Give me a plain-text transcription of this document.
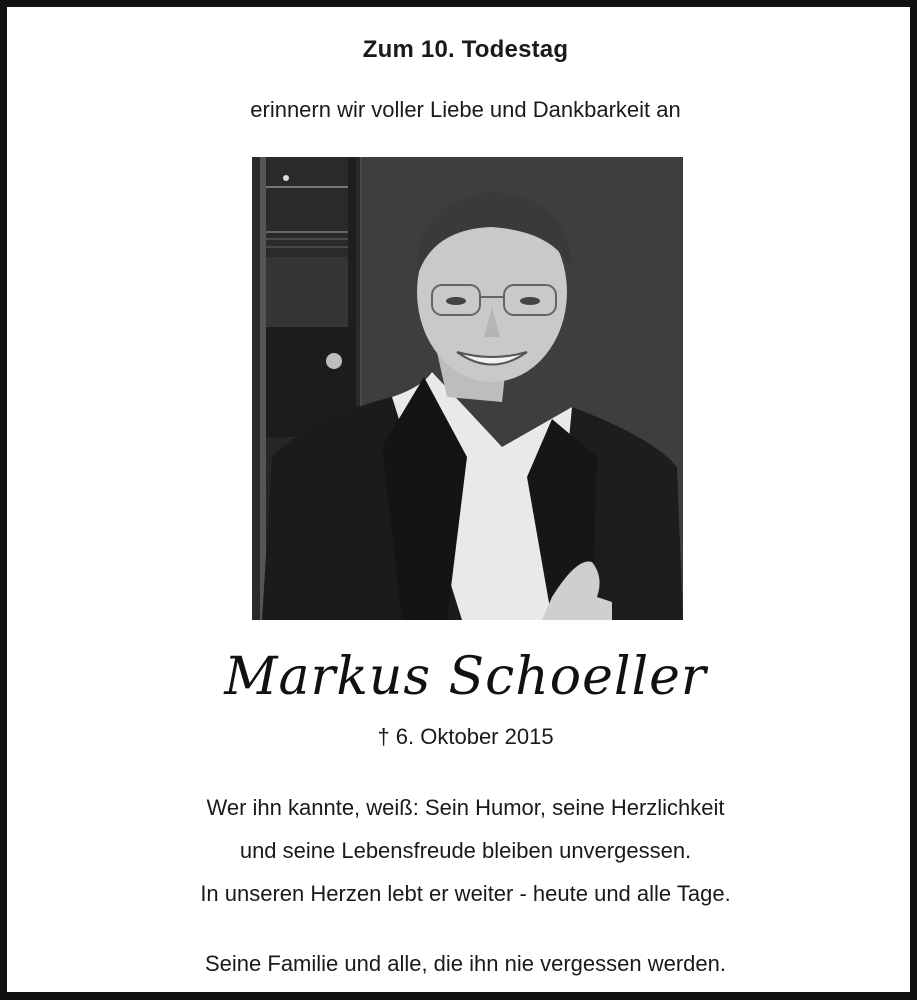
Zum 10. Todestag
erinnern wir voller Liebe und Dankbarkeit an
Markus Schoeller
† 6. Oktober 2015
Wer ihn kannte, weiß: Sein Humor, seine Herzlichkeit
und seine Lebensfreude bleiben unvergessen.
In unseren Herzen lebt er weiter - heute und alle Tage.
Seine Familie und alle, die ihn nie vergessen werden.
